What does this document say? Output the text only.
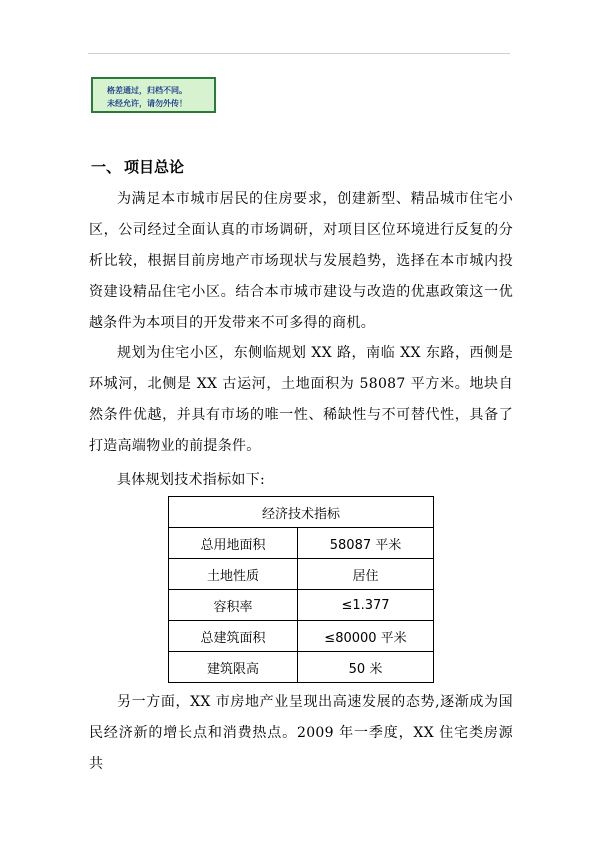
格差通过，归档不同。
未经允许，请勿外传！
一、 项目总论
为满足本市城市居民的住房要求，创建新型、精品城市住宅小区，公司经过全面认真的市场调研，对项目区位环境进行反复的分析比较，根据目前房地产市场现状与发展趋势，选择在本市城内投资建设精品住宅小区。结合本市城市建设与改造的优惠政策这一优越条件为本项目的开发带来不可多得的商机。
规划为住宅小区，东侧临规划 XX 路，南临 XX 东路，西侧是环城河，北侧是 XX 古运河，土地面积为 58087 平方米。地块自然条件优越，并具有市场的唯一性、稀缺性与不可替代性，具备了打造高端物业的前提条件。
具体规划技术指标如下:
经济技术指标	
总用地面积	58087 平米
土地性质	居住
容积率	≤1.377
总建筑面积	≤80000 平米
建筑限高	50 米
另一方面，XX 市房地产业呈现出高速发展的态势,逐渐成为国民经济新的增长点和消费热点。2009 年一季度，XX 住宅类房源共
